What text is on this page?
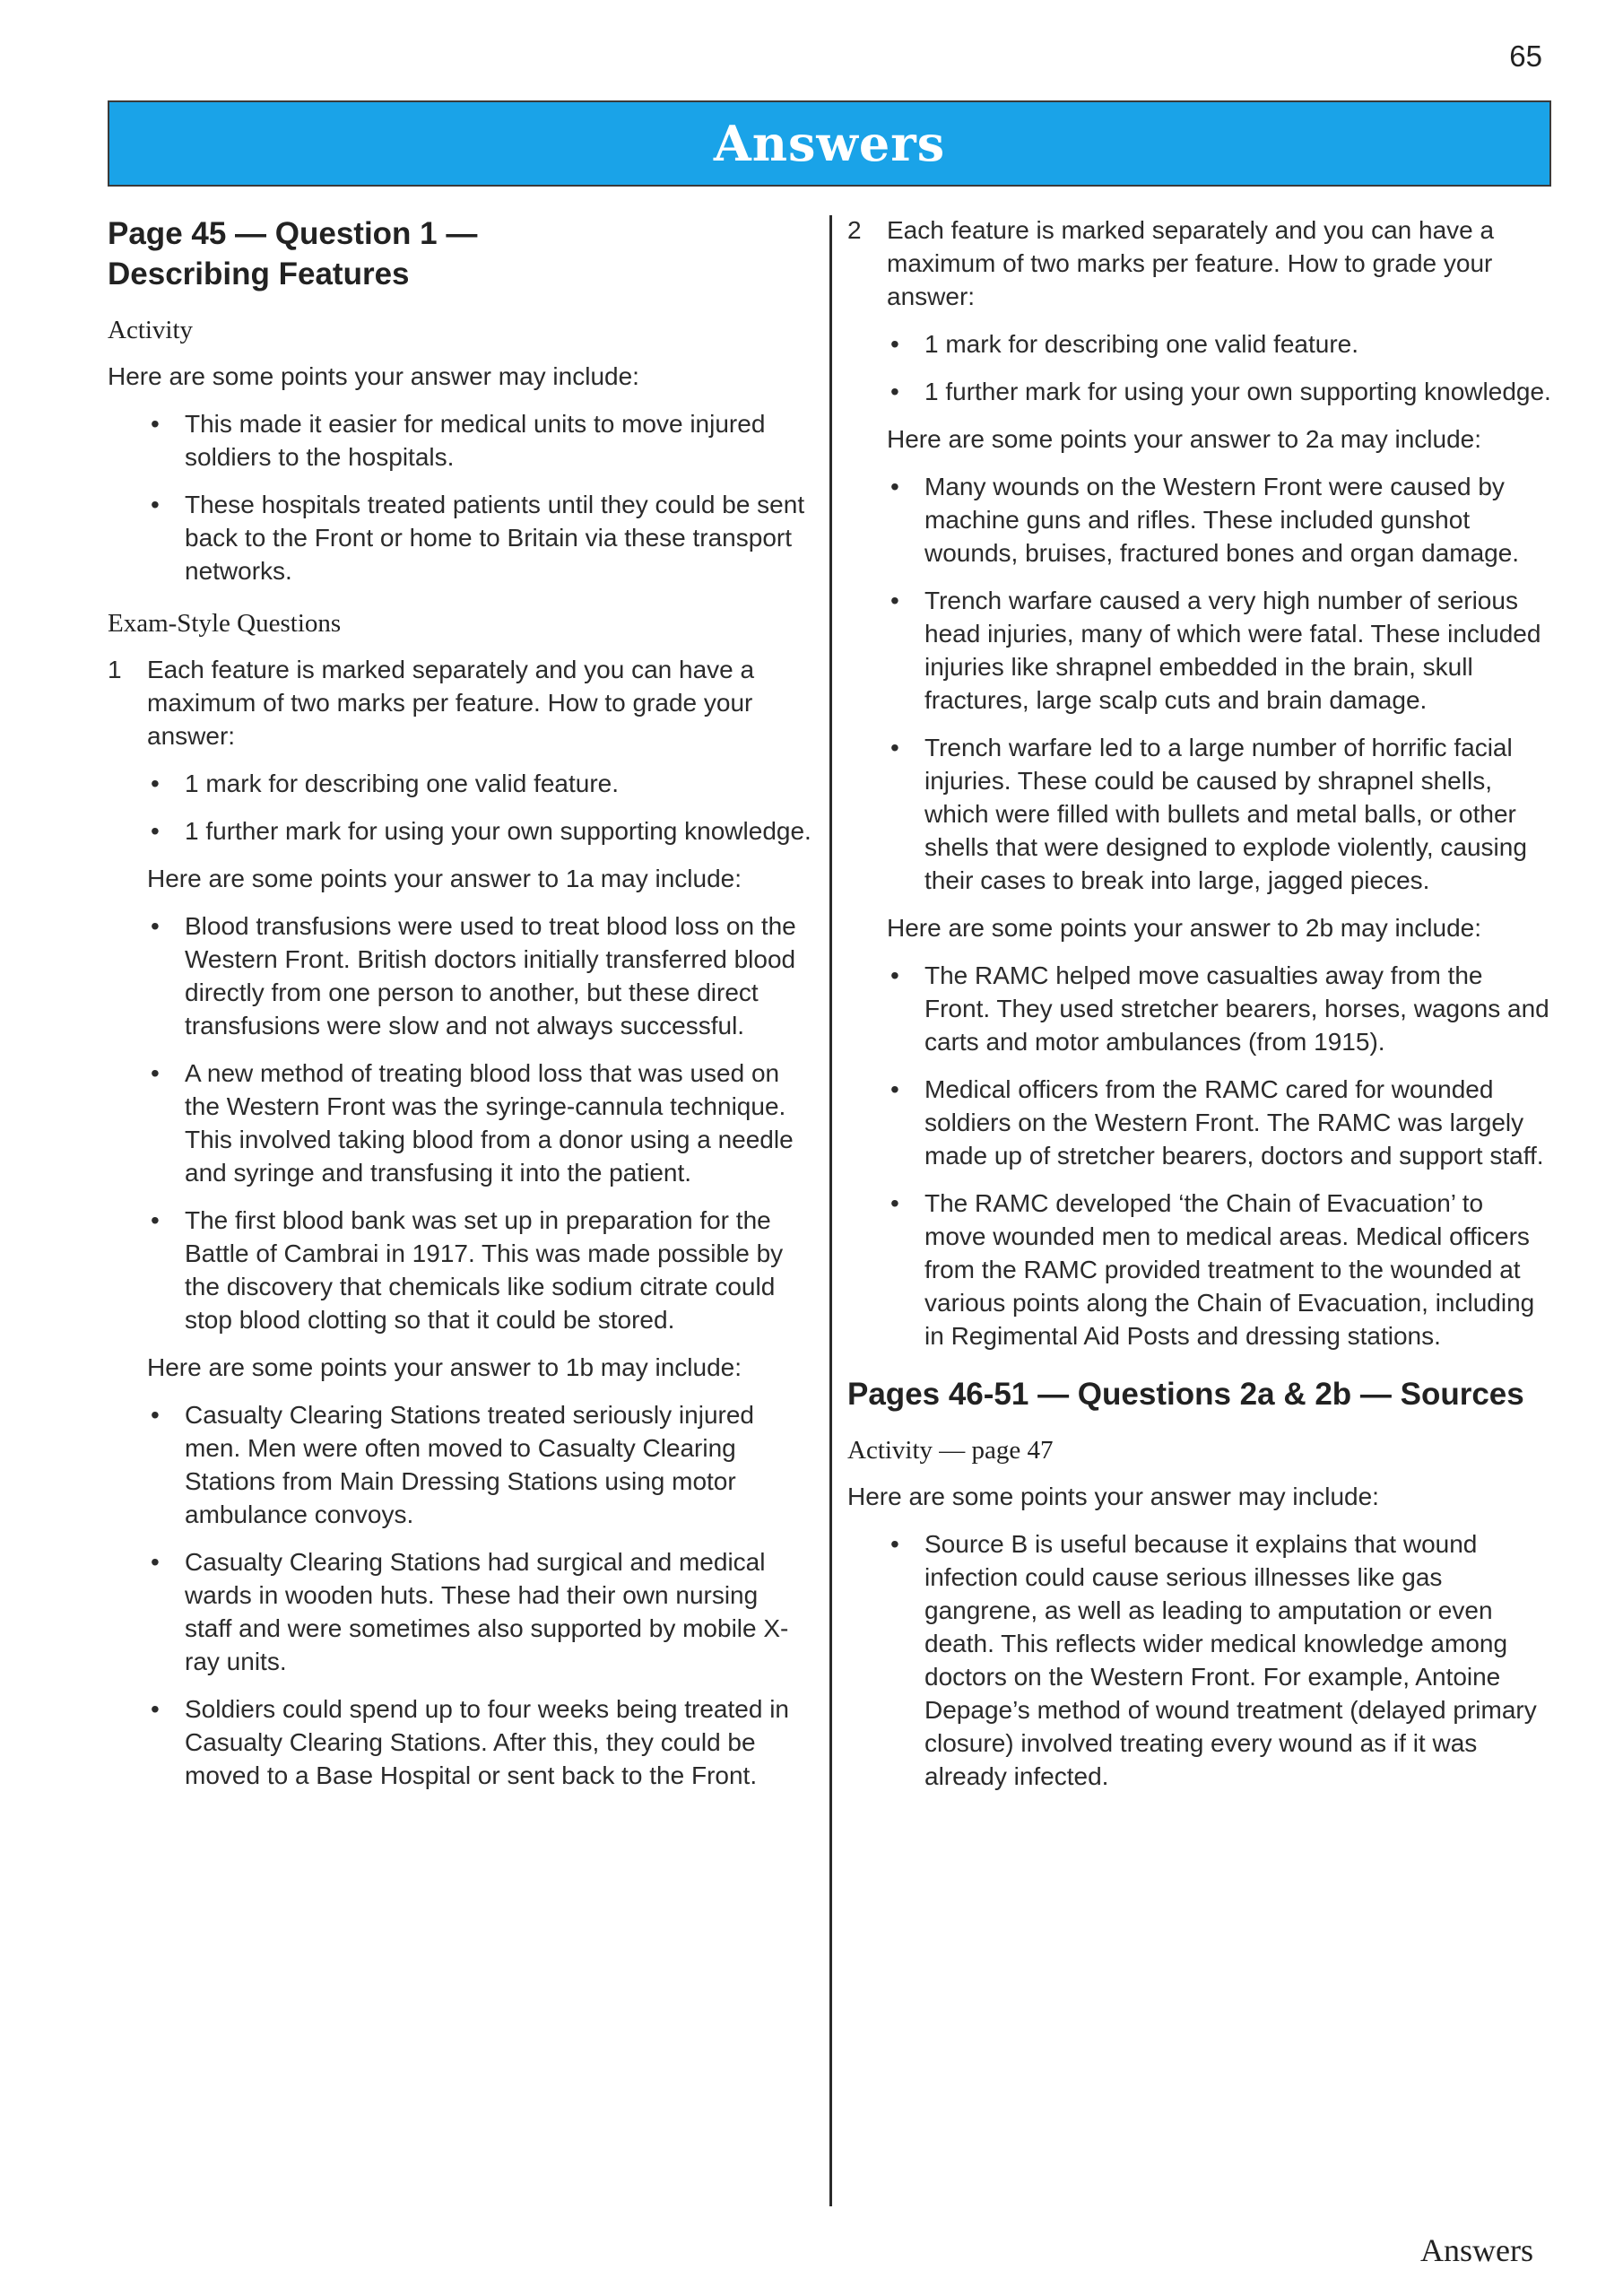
65
Answers
Page 45 — Question 1 —
Describing Features
Activity

Here are some points your answer may include:

• This made it easier for medical units to move injured soldiers to the hospitals.
• These hospitals treated patients until they could be sent back to the Front or home to Britain via these transport networks.
Exam-Style Questions
1 Each feature is marked separately and you can have a maximum of two marks per feature. How to grade your answer:

• 1 mark for describing one valid feature.
• 1 further mark for using your own supporting knowledge.

Here are some points your answer to 1a may include:

• Blood transfusions were used to treat blood loss on the Western Front. British doctors initially transferred blood directly from one person to another, but these direct transfusions were slow and not always successful.
• A new method of treating blood loss that was used on the Western Front was the syringe-cannula technique. This involved taking blood from a donor using a needle and syringe and transfusing it into the patient.
• The first blood bank was set up in preparation for the Battle of Cambrai in 1917. This was made possible by the discovery that chemicals like sodium citrate could stop blood clotting so that it could be stored.

Here are some points your answer to 1b may include:

• Casualty Clearing Stations treated seriously injured men. Men were often moved to Casualty Clearing Stations from Main Dressing Stations using motor ambulance convoys.
• Casualty Clearing Stations had surgical and medical wards in wooden huts. These had their own nursing staff and were sometimes also supported by mobile X-ray units.
• Soldiers could spend up to four weeks being treated in Casualty Clearing Stations. After this, they could be moved to a Base Hospital or sent back to the Front.
2 Each feature is marked separately and you can have a maximum of two marks per feature. How to grade your answer:

• 1 mark for describing one valid feature.
• 1 further mark for using your own supporting knowledge.

Here are some points your answer to 2a may include:

• Many wounds on the Western Front were caused by machine guns and rifles. These included gunshot wounds, bruises, fractured bones and organ damage.
• Trench warfare caused a very high number of serious head injuries, many of which were fatal. These included injuries like shrapnel embedded in the brain, skull fractures, large scalp cuts and brain damage.
• Trench warfare led to a large number of horrific facial injuries. These could be caused by shrapnel shells, which were filled with bullets and metal balls, or other shells that were designed to explode violently, causing their cases to break into large, jagged pieces.

Here are some points your answer to 2b may include:

• The RAMC helped move casualties away from the Front. They used stretcher bearers, horses, wagons and carts and motor ambulances (from 1915).
• Medical officers from the RAMC cared for wounded soldiers on the Western Front. The RAMC was largely made up of stretcher bearers, doctors and support staff.
• The RAMC developed ‘the Chain of Evacuation’ to move wounded men to medical areas. Medical officers from the RAMC provided treatment to the wounded at various points along the Chain of Evacuation, including in Regimental Aid Posts and dressing stations.
Pages 46-51 — Questions 2a & 2b — Sources
Activity — page 47

Here are some points your answer may include:

• Source B is useful because it explains that wound infection could cause serious illnesses like gas gangrene, as well as leading to amputation or even death. This reflects wider medical knowledge among doctors on the Western Front. For example, Antoine Depage’s method of wound treatment (delayed primary closure) involved treating every wound as if it was already infected.
Answers
